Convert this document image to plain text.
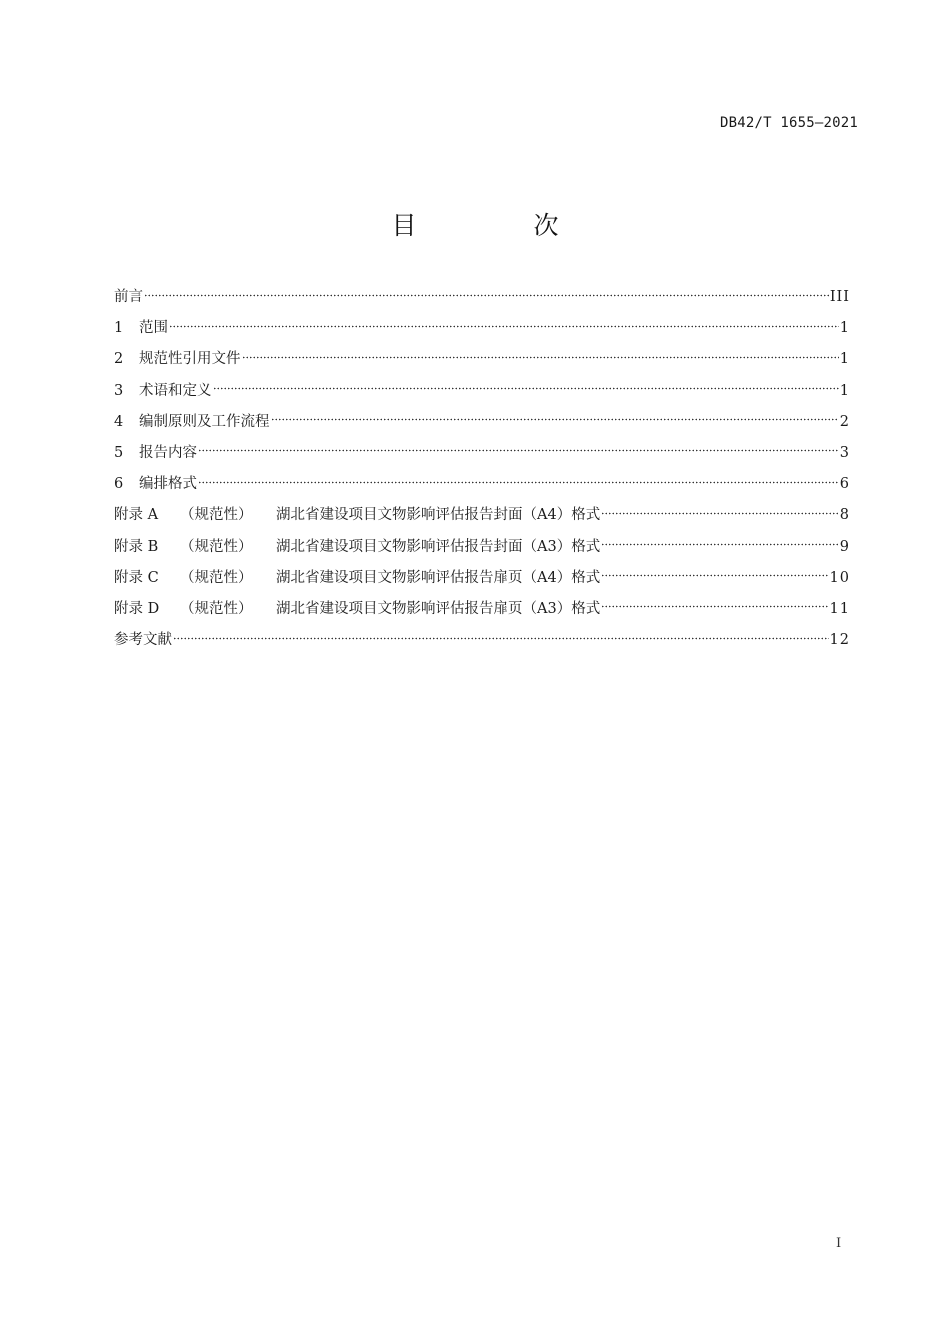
DB42/T 1655—2021
目　次
前言	III
1 范围	1
2 规范性引用文件	1
3 术语和定义	1
4 编制原则及工作流程	2
5 报告内容	3
6 编排格式	6
附录 A （规范性） 湖北省建设项目文物影响评估报告封面（A4）格式	8
附录 B （规范性） 湖北省建设项目文物影响评估报告封面（A3）格式	9
附录 C （规范性） 湖北省建设项目文物影响评估报告扉页（A4）格式	10
附录 D （规范性） 湖北省建设项目文物影响评估报告扉页（A3）格式	11
参考文献	12
I
